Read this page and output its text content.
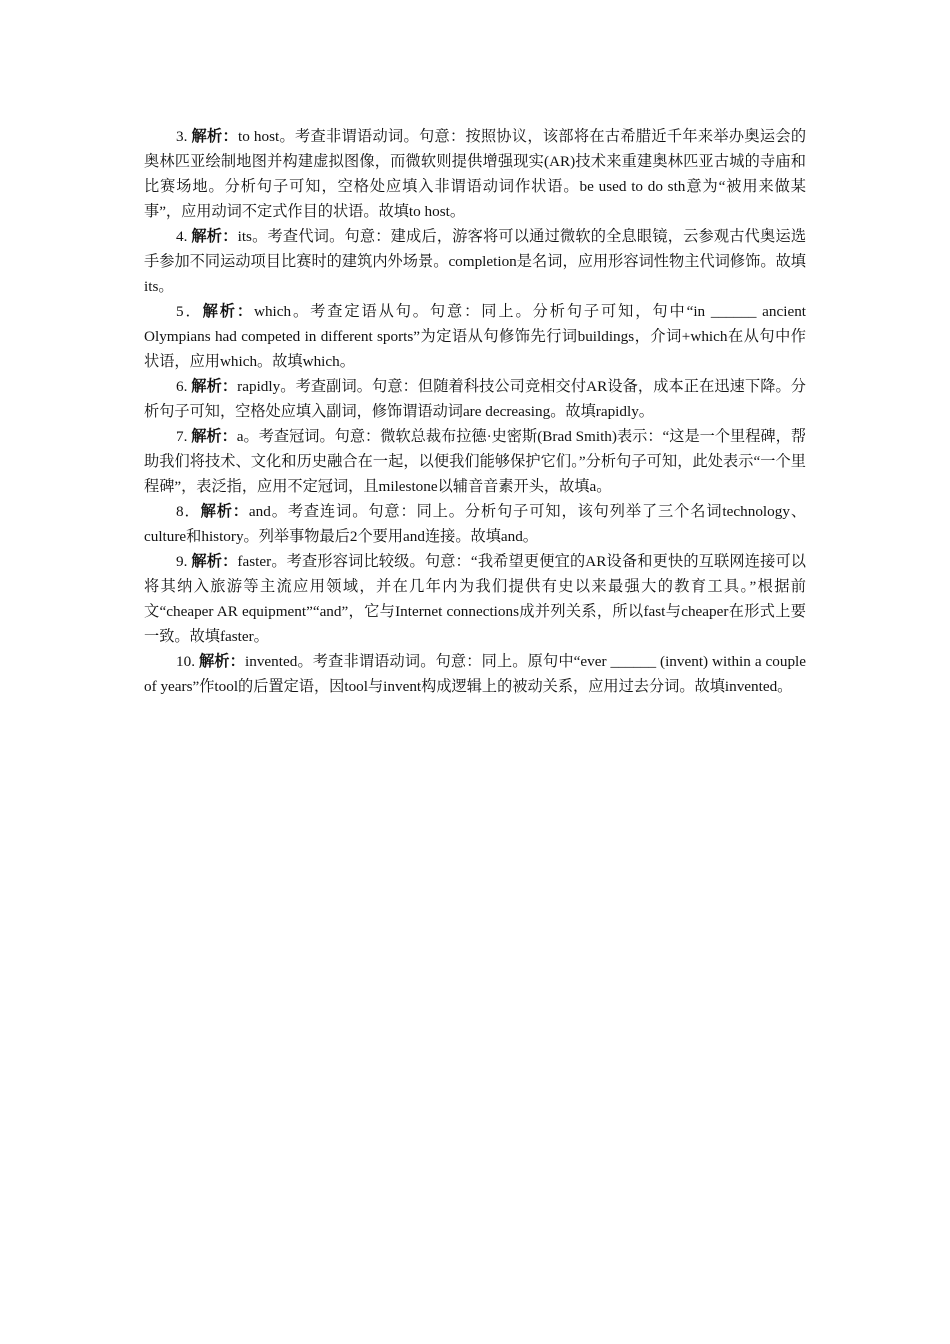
3. 解析：to host。考查非谓语动词。句意：按照协议，该部将在古希腊近千年来举办奥运会的奥林匹亚绘制地图并构建虚拟图像，而微软则提供增强现实(AR)技术来重建奥林匹亚古城的寺庙和比赛场地。分析句子可知，空格处应填入非谓语动词作状语。be used to do sth意为“被用来做某事”，应用动词不定式作目的状语。故填to host。

4. 解析：its。考查代词。句意：建成后，游客将可以通过微软的全息眼镜，云参观古代奥运选手参加不同运动项目比赛时的建筑内外场景。completion是名词，应用形容词性物主代词修饰。故填its。

5．解析：which。考查定语从句。句意：同上。分析句子可知，句中“in ______ ancient Olympians had competed in different sports”为定语从句修饰先行词buildings，介词+which在从句中作状语，应用which。故填which。

6. 解析：rapidly。考查副词。句意：但随着科技公司竞相交付AR设备，成本正在迅速下降。分析句子可知，空格处应填入副词，修饰谓语动词are decreasing。故填rapidly。

7. 解析：a。考查冠词。句意：微软总裁布拉德·史密斯(Brad Smith)表示：“这是一个里程碑，帮助我们将技术、文化和历史融合在一起，以便我们能够保护它们。”分析句子可知，此处表示“一个里程碑”，表泛指，应用不定冠词，且milestone以辅音音素开头，故填a。

8．解析：and。考查连词。句意：同上。分析句子可知，该句列举了三个名词technology、culture和history。列举事物最后2个要用and连接。故填and。

9. 解析：faster。考查形容词比较级。句意：“我希望更便宜的AR设备和更快的互联网连接可以将其纳入旅游等主流应用领域，并在几年内为我们提供有史以来最强大的教育工具。”根据前文“cheaper AR equipment”“and”，它与Internet connections成并列关系，所以fast与cheaper在形式上要一致。故填faster。

10. 解析：invented。考查非谓语动词。句意：同上。原句中“ever ______ (invent) within a couple of years”作tool的后置定语，因tool与invent构成逻辑上的被动关系，应用过去分词。故填invented。
